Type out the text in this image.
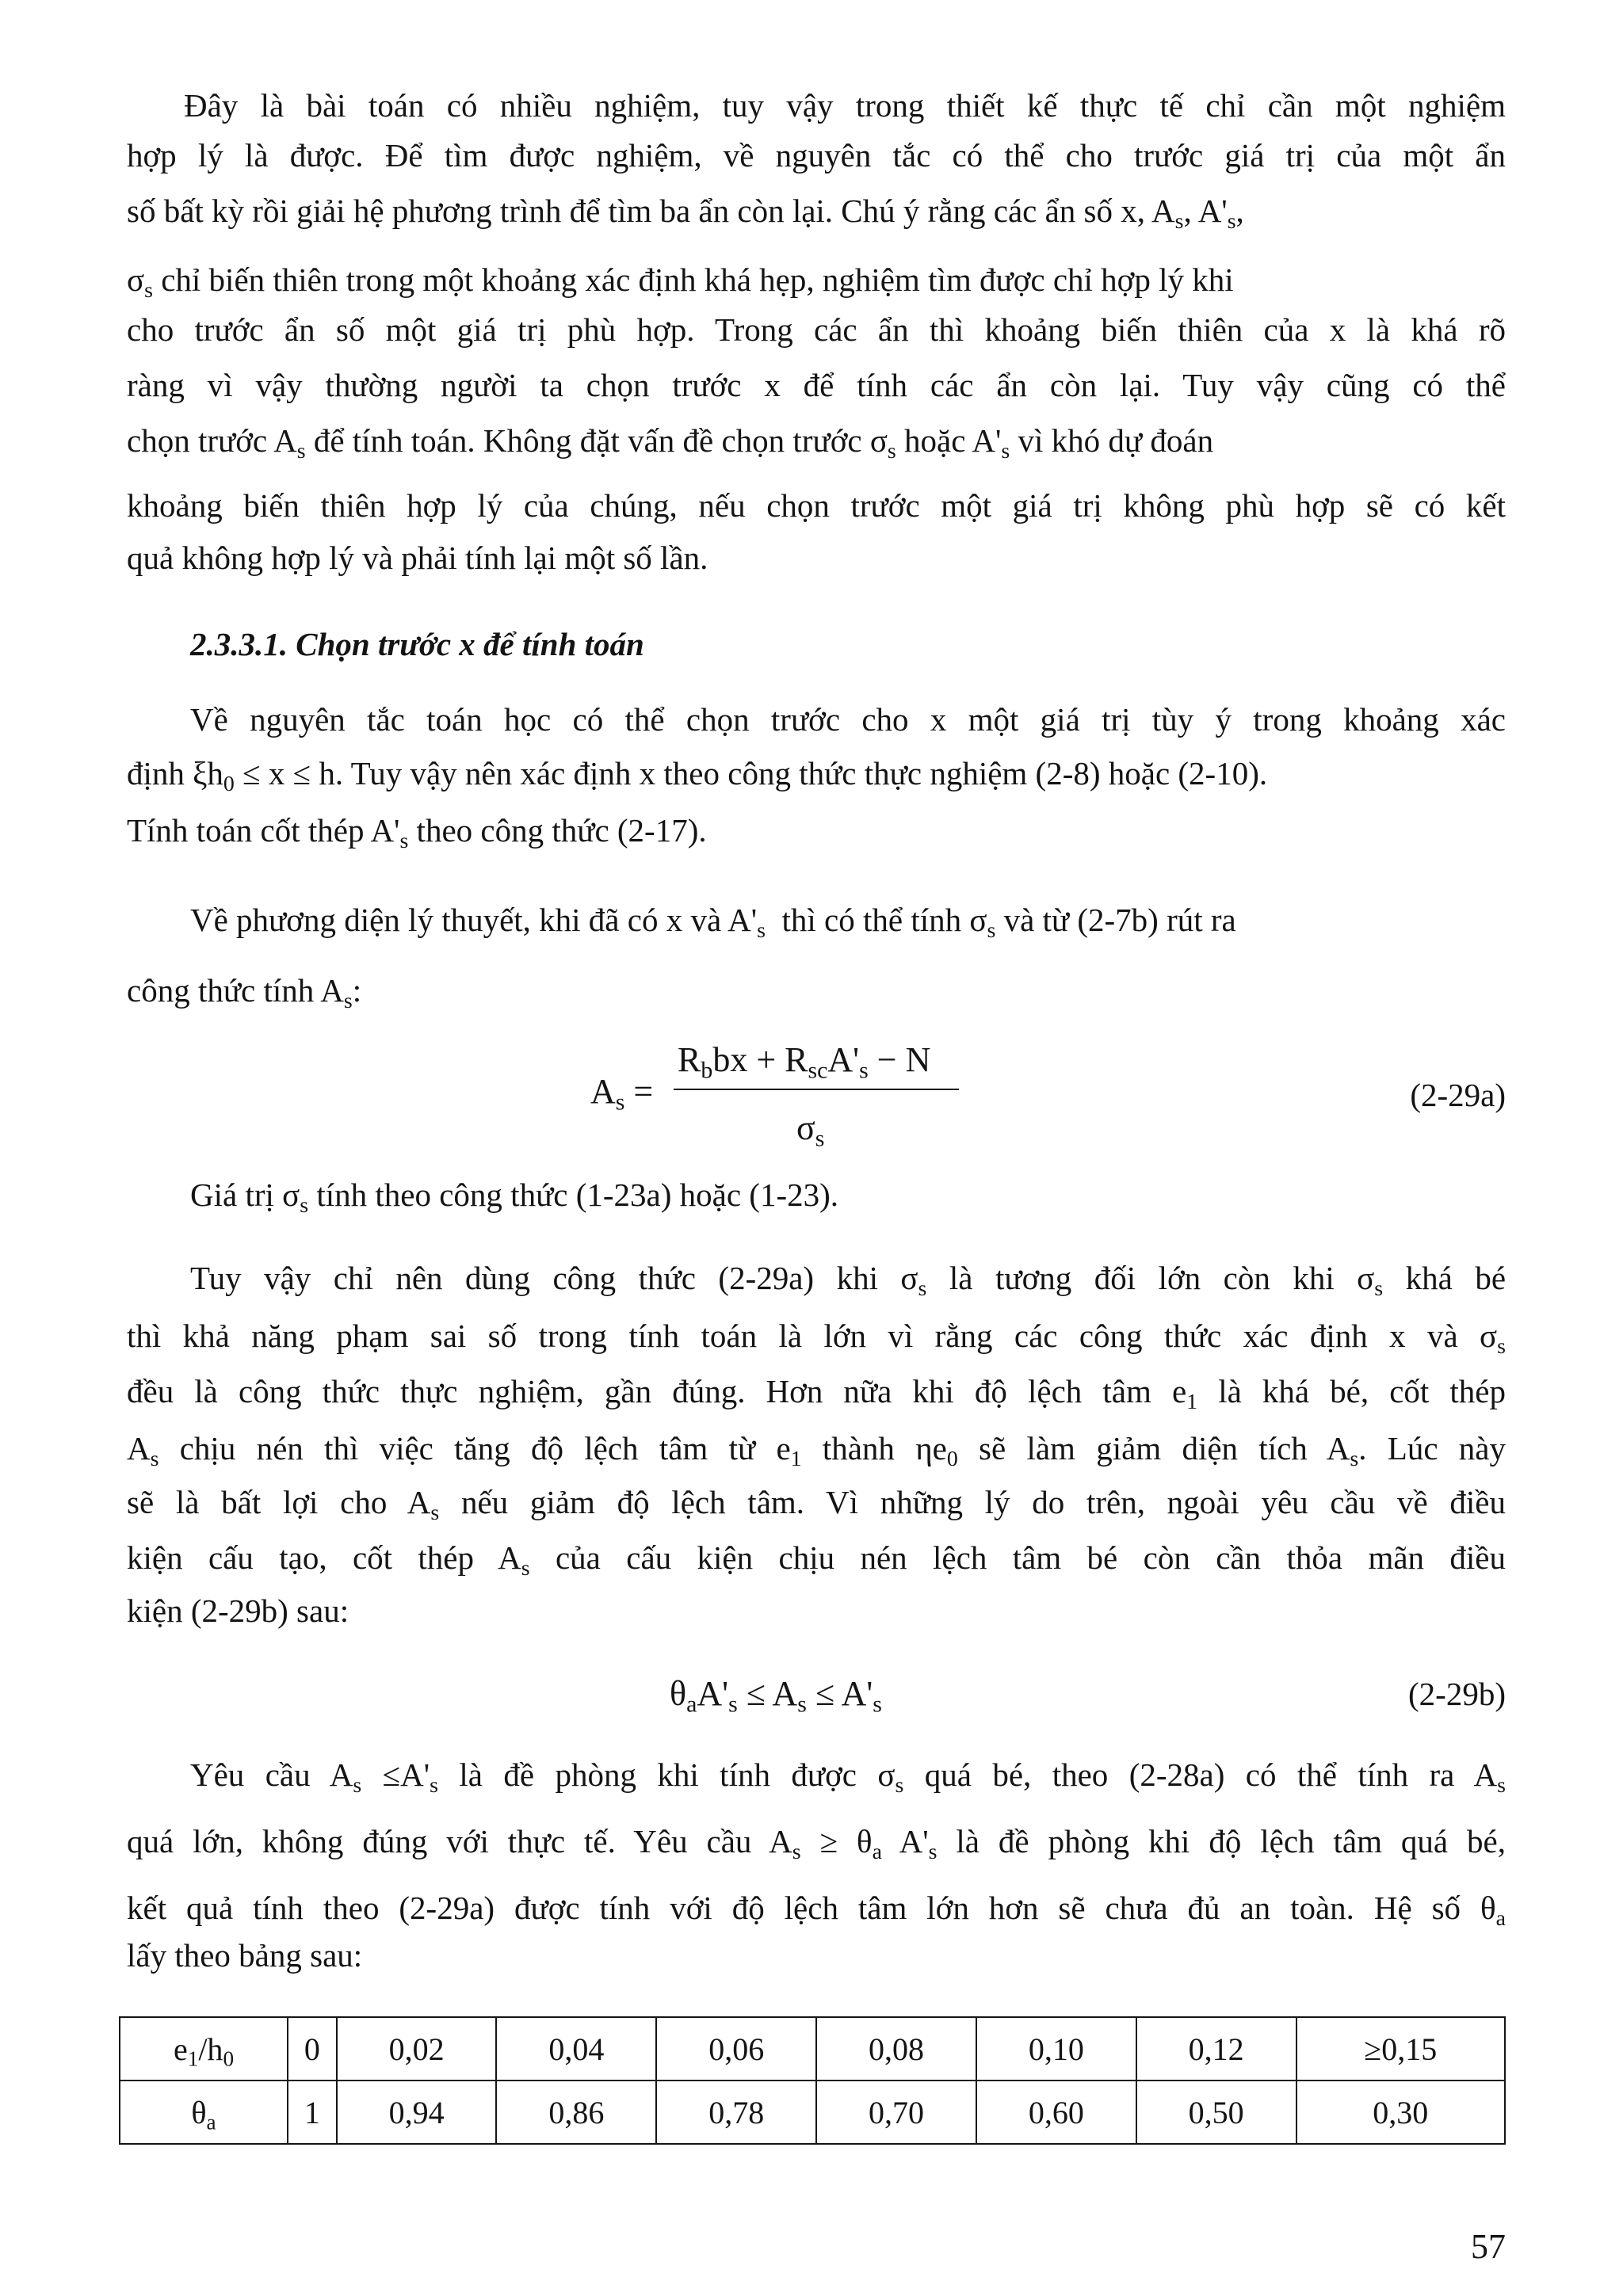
Đây là bài toán có nhiều nghiệm, tuy vậy trong thiết kế thực tế chỉ cần một nghiệm
hợp lý là được. Để tìm được nghiệm, về nguyên tắc có thể cho trước giá trị của một ẩn
số bất kỳ rồi giải hệ phương trình để tìm ba ẩn còn lại. Chú ý rằng các ẩn số x, $A_s$, $A'_s$,
$\sigma_s$ chỉ biến thiên trong một khoảng xác định khá hẹp, nghiệm tìm được chỉ hợp lý khi
cho trước ẩn số một giá trị phù hợp. Trong các ẩn thì khoảng biến thiên của x là khá rõ
ràng vì vậy thường người ta chọn trước x để tính các ẩn còn lại. Tuy vậy cũng có thể
chọn trước $A_s$ để tính toán. Không đặt vấn đề chọn trước $\sigma_s$ hoặc $A'_s$ vì khó dự đoán
khoảng biến thiên hợp lý của chúng, nếu chọn trước một giá trị không phù hợp sẽ có kết
quả không hợp lý và phải tính lại một số lần.
2.3.3.1. Chọn trước x để tính toán
Về nguyên tắc toán học có thể chọn trước cho x một giá trị tùy ý trong khoảng xác
định $\xi h_0 \le x \le h$. Tuy vậy nên xác định x theo công thức thực nghiệm (2-8) hoặc (2-10).
Tính toán cốt thép $A'_s$ theo công thức (2-17).
Về phương diện lý thuyết, khi đã có x và $A'_s$ thì có thể tính $\sigma_s$ và từ (2-7b) rút ra
công thức tính $A_s$:
$A_s$ =
$R_bbx + R_{sc}A'_s - N$
$\sigma_s$
(2-29a)
Giá trị $\sigma_s$ tính theo công thức (1-23a) hoặc (1-23).
Tuy vậy chỉ nên dùng công thức (2-29a) khi $\sigma_s$ là tương đối lớn còn khi $\sigma_s$ khá bé
thì khả năng phạm sai số trong tính toán là lớn vì rằng các công thức xác định x và $\sigma_s$
đều là công thức thực nghiệm, gần đúng. Hơn nữa khi độ lệch tâm $e_1$ là khá bé, cốt thép
$A_s$ chịu nén thì việc tăng độ lệch tâm từ $e_1$ thành $\eta e_0$ sẽ làm giảm diện tích $A_s$. Lúc này
sẽ là bất lợi cho $A_s$ nếu giảm độ lệch tâm. Vì những lý do trên, ngoài yêu cầu về điều
kiện cấu tạo, cốt thép $A_s$ của cấu kiện chịu nén lệch tâm bé còn cần thỏa mãn điều
kiện (2-29b) sau:
$\theta_aA'_s \le A_s \le A'_s$	(2-29b)
Yêu cầu $A_s \le A'_s$ là đề phòng khi tính được $\sigma_s$ quá bé, theo (2-28a) có thể tính ra $A_s$
quá lớn, không đúng với thực tế. Yêu cầu $A_s \ge \theta_a$ $A'_s$ là đề phòng khi độ lệch tâm quá bé,
kết quả tính theo (2-29a) được tính với độ lệch tâm lớn hơn sẽ chưa đủ an toàn. Hệ số $\theta_a$
lấy theo bảng sau:
$e_1/h_0$	0	0,02	0,04	0,06	0,08	0,10	0,12	≥0,15
$\theta_a$	1	0,94	0,86	0,78	0,70	0,60	0,50	0,30
57
